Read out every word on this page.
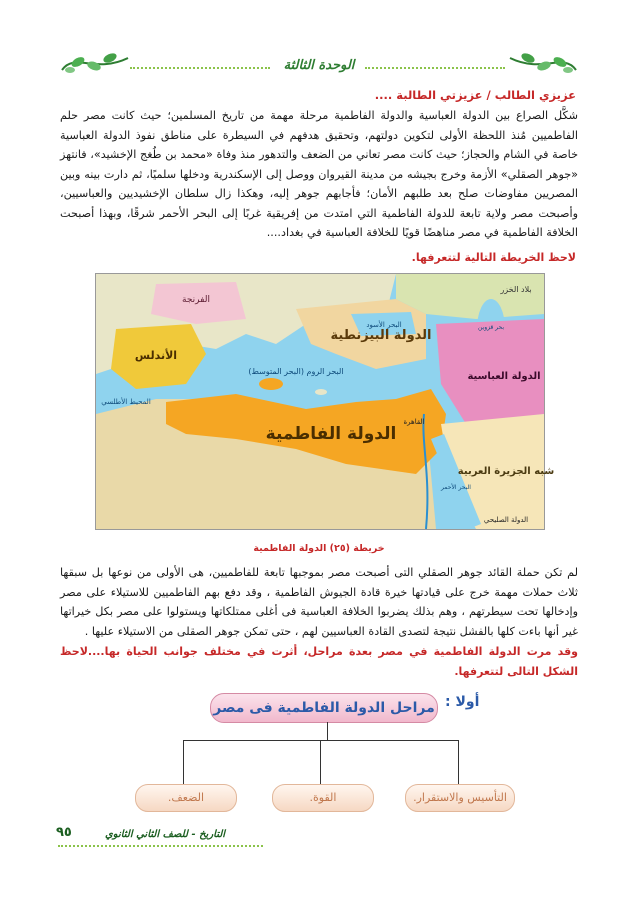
الوحدة الثالثة
عزيزي الطالب / عزيزتي الطالبة ....
شكَّل الصراع بين الدولة العباسية والدولة الفاطمية مرحلة مهمة من تاريخ المسلمين؛ حيث كانت مصر حلم الفاطميين مُنذ اللحظة الأولى لتكوين دولتهم، وتحقيق هدفهم في السيطرة على مناطق نفوذ الدولة العباسية خاصة في الشام والحجاز؛ حيث كانت مصر تعاني من الضعف والتدهور منذ وفاة «محمد بن طُغج الإخشيد»، فانتهز «جوهر الصقلي» الأزمة وخرج بجيشه من مدينة القيروان ووصل إلى الإسكندرية ودخلها سلميًا، ثم دارت بينه وبين المصريين مفاوضات صلح بعد طلبهم الأمان؛ فأجابهم جوهر إليه، وهكذا زال سلطان الإخشيديين والعباسيين، وأصبحت مصر ولاية تابعة للدولة الفاطمية التي امتدت من إفريقية غربًا إلى البحر الأحمر شرقًا، وبهذا أصبحت الخلافة الفاطمية في مصر مناهضًا قويًا للخلافة العباسية في بغداد....
لاحظ الخريطة التالية لتتعرفها.
الدولة البيزنطية
الدولة الفاطمية
الأندلس
الدولة العباسية
شبه الجزيرة العربية
البحر الروم (البحر المتوسط)
المحيط الأطلسي
بلاد الخزر
بحر قزوين
البحر الأسود
البحر الأحمر
القاهرة
الدولة الصليحي
الفرنجة
خريطة (٢٥) الدولة الفاطمية
لم تكن حملة القائد جوهر الصقلي التى أصبحت مصر بموجبها تابعة للفاطميين، هى الأولى من نوعها بل سبقها ثلاث حملات مهمة خرج على قيادتها خيرة قادة الجيوش الفاطمية ، وقد دفع بهم الفاطميين للاستيلاء على مصر وإدخالها تحت سيطرتهم ، وهم بذلك يضربوا الخلافة العباسية فى أغلى ممتلكاتها ويستولوا على مصر بكل خيراتها غير أنها باءت كلها بالفشل نتيجة لتصدى القادة العباسيين لهم ، حتى تمكن جوهر الصقلى من الاستيلاء عليها .
وقد مرت الدولة الفاطمية في مصر بعدة مراحل، أثرت في مختلف جوانب الحياة بها....لاحظ الشكل التالى لتتعرفها.
أولا :
مراحل الدولة الفاطمية فى مصر
التأسيس والاستقرار.
القوة.
الضعف.
التاريخ - للصف الثاني الثانوي
٩٥
